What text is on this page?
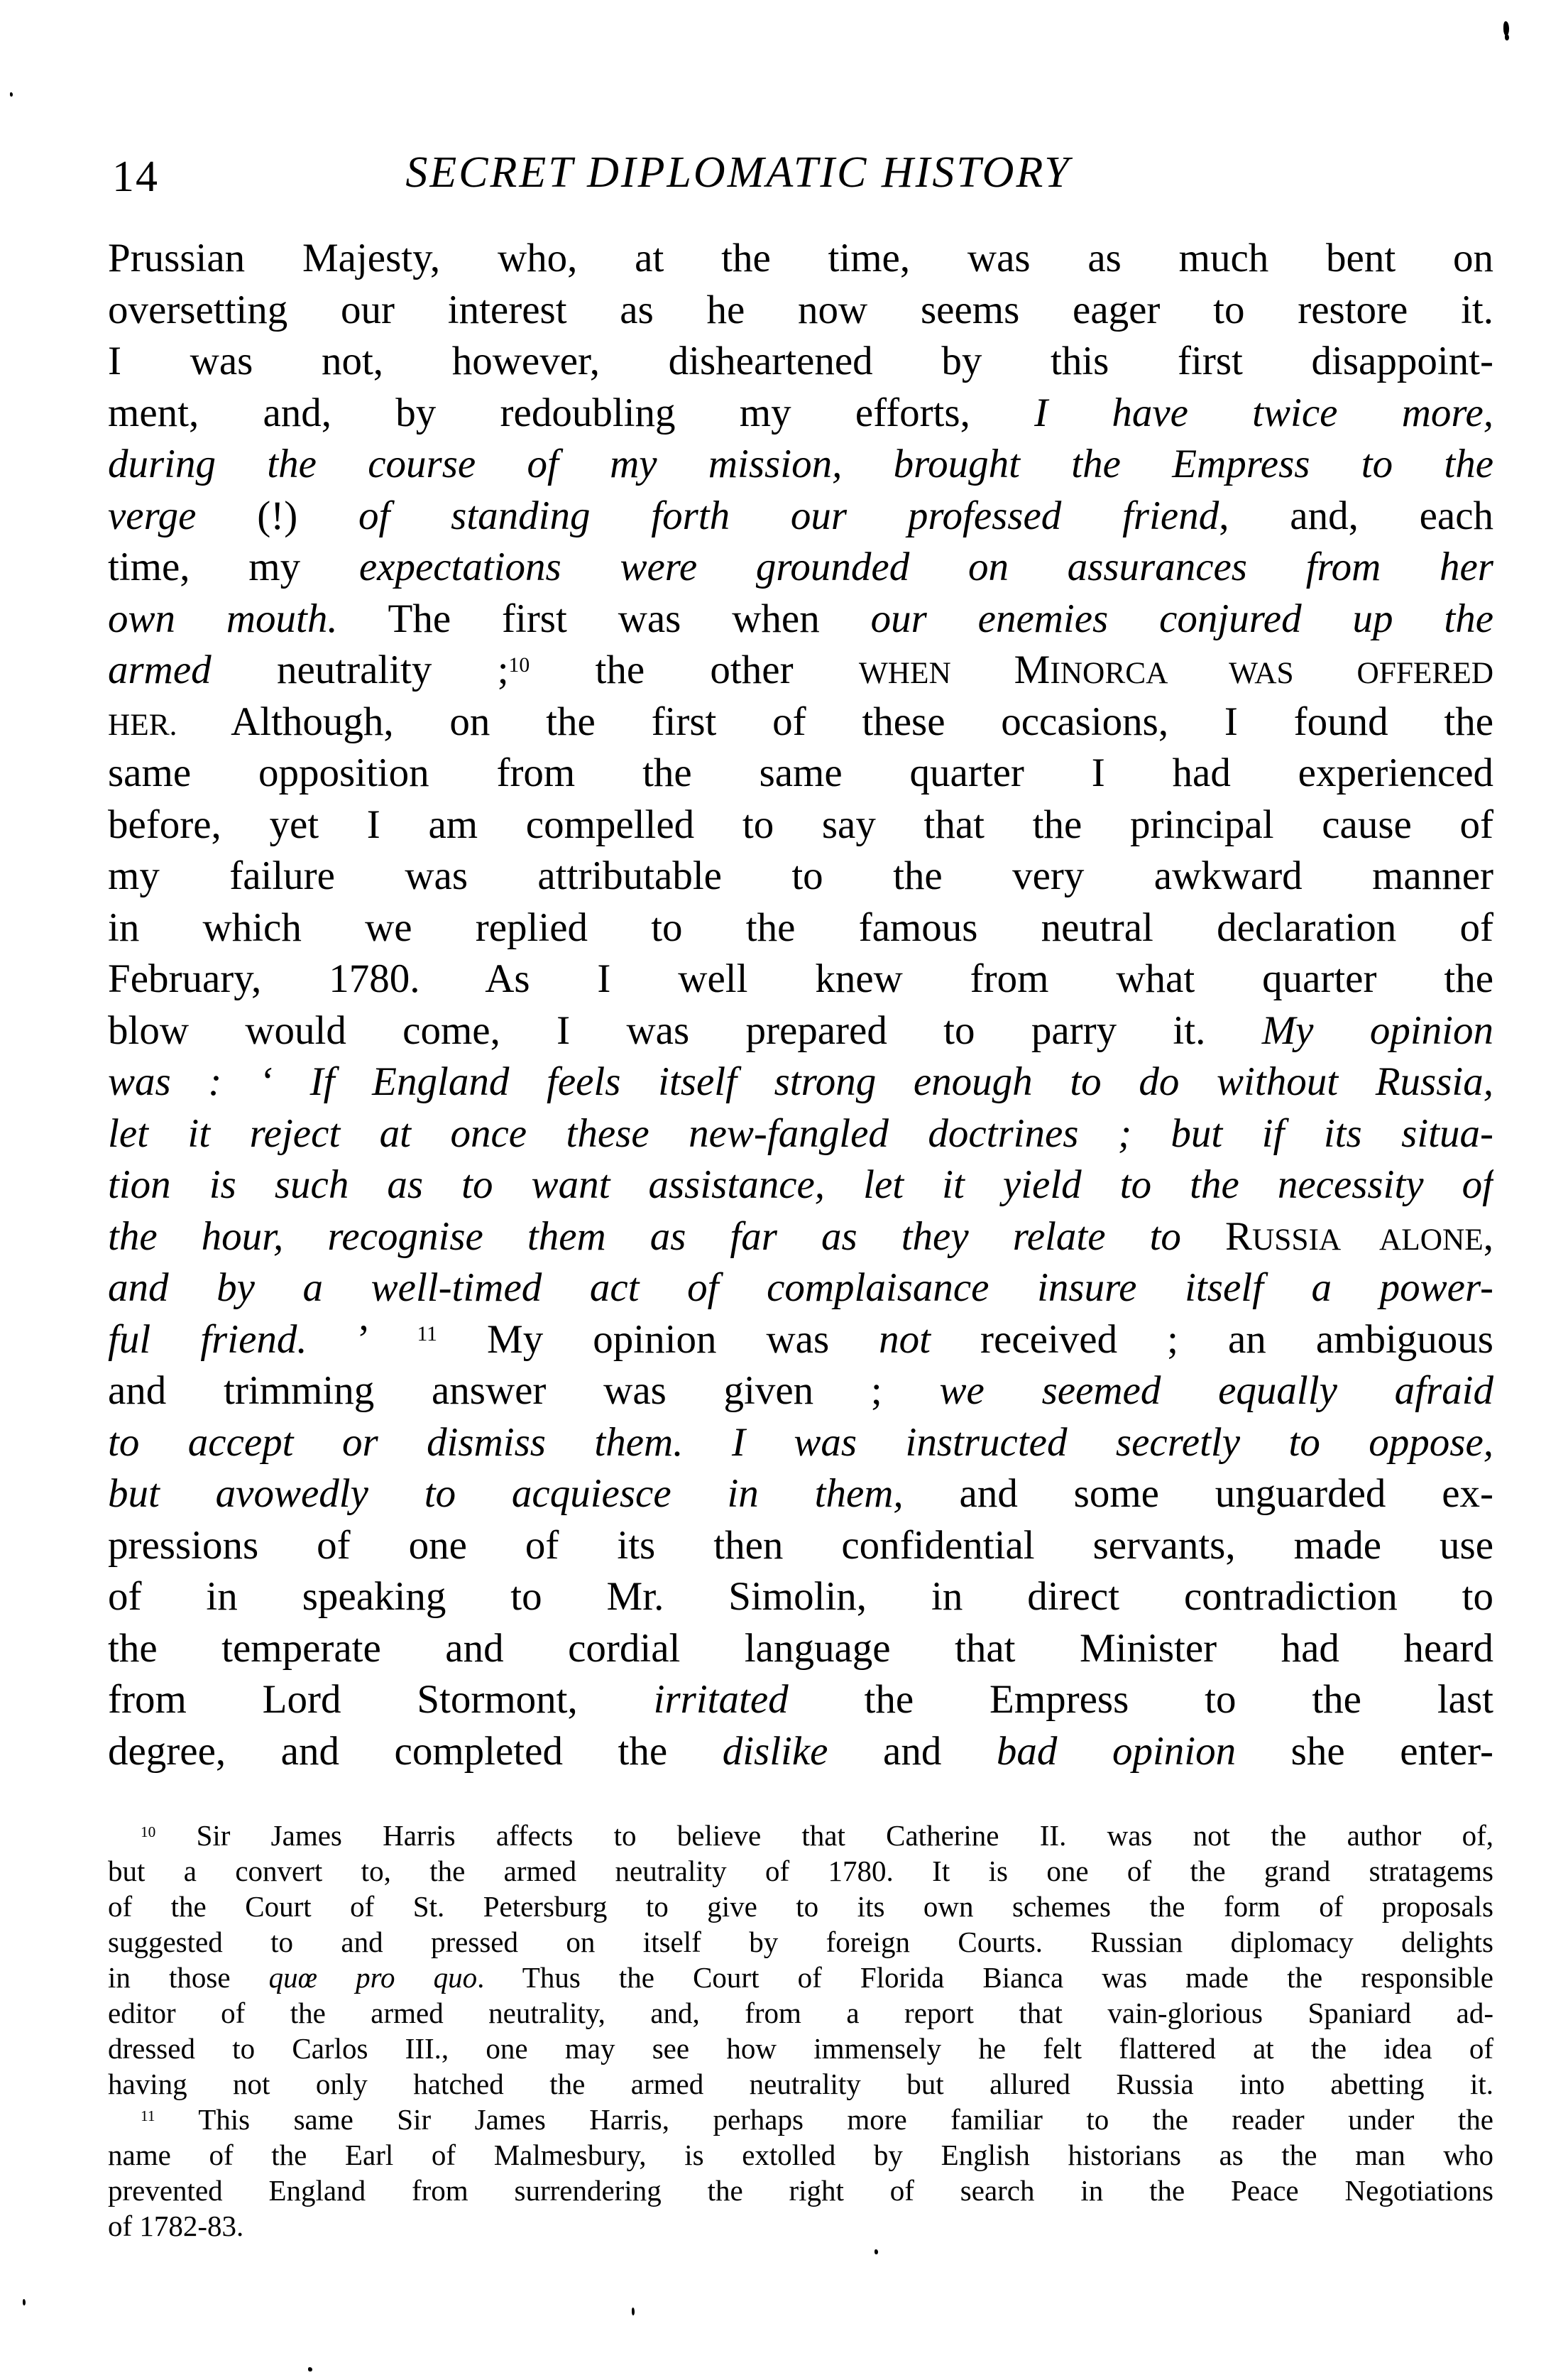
14	SECRET DIPLOMATIC HISTORY
Prussian Majesty, who, at the time, was as much bent on
oversetting our interest as he now seems eager to restore it.
I was not, however, disheartened by this first disappoint-
ment, and, by redoubling my efforts, I have twice more,
during the course of my mission, brought the Empress to the
verge (!) of standing forth our professed friend, and, each
time, my expectations were grounded on assurances from her
own mouth. The first was when our enemies conjured up the
armed neutrality ;$^{10}$ the other WHEN MINORCA WAS OFFERED
HER. Although, on the first of these occasions, I found the
same opposition from the same quarter I had experienced
before, yet I am compelled to say that the principal cause of
my failure was attributable to the very awkward manner
in which we replied to the famous neutral declaration of
February, 1780. As I well knew from what quarter the
blow would come, I was prepared to parry it. My opinion
was : ‘ If England feels itself strong enough to do without Russia,
let it reject at once these new-fangled doctrines ; but if its situa-
tion is such as to want assistance, let it yield to the necessity of
the hour, recognise them as far as they relate to RUSSIA ALONE,
and by a well-timed act of complaisance insure itself a power-
ful friend. ’ $^{11}$ My opinion was not received ; an ambiguous
and trimming answer was given ; we seemed equally afraid
to accept or dismiss them. I was instructed secretly to oppose,
but avowedly to acquiesce in them, and some unguarded ex-
pressions of one of its then confidential servants, made use
of in speaking to Mr. Simolin, in direct contradiction to
the temperate and cordial language that Minister had heard
from Lord Stormont, irritated the Empress to the last
degree, and completed the dislike and bad opinion she enter-
$^{10}$ Sir James Harris affects to believe that Catherine II. was not the author of,
but a convert to, the armed neutrality of 1780. It is one of the grand stratagems
of the Court of St. Petersburg to give to its own schemes the form of proposals
suggested to and pressed on itself by foreign Courts. Russian diplomacy delights
in those quœ pro quo. Thus the Court of Florida Bianca was made the responsible
editor of the armed neutrality, and, from a report that vain-glorious Spaniard ad-
dressed to Carlos III., one may see how immensely he felt flattered at the idea of
having not only hatched the armed neutrality but allured Russia into abetting it.
$^{11}$ This same Sir James Harris, perhaps more familiar to the reader under the
name of the Earl of Malmesbury, is extolled by English historians as the man who
prevented England from surrendering the right of search in the Peace Negotiations
of 1782-83.
